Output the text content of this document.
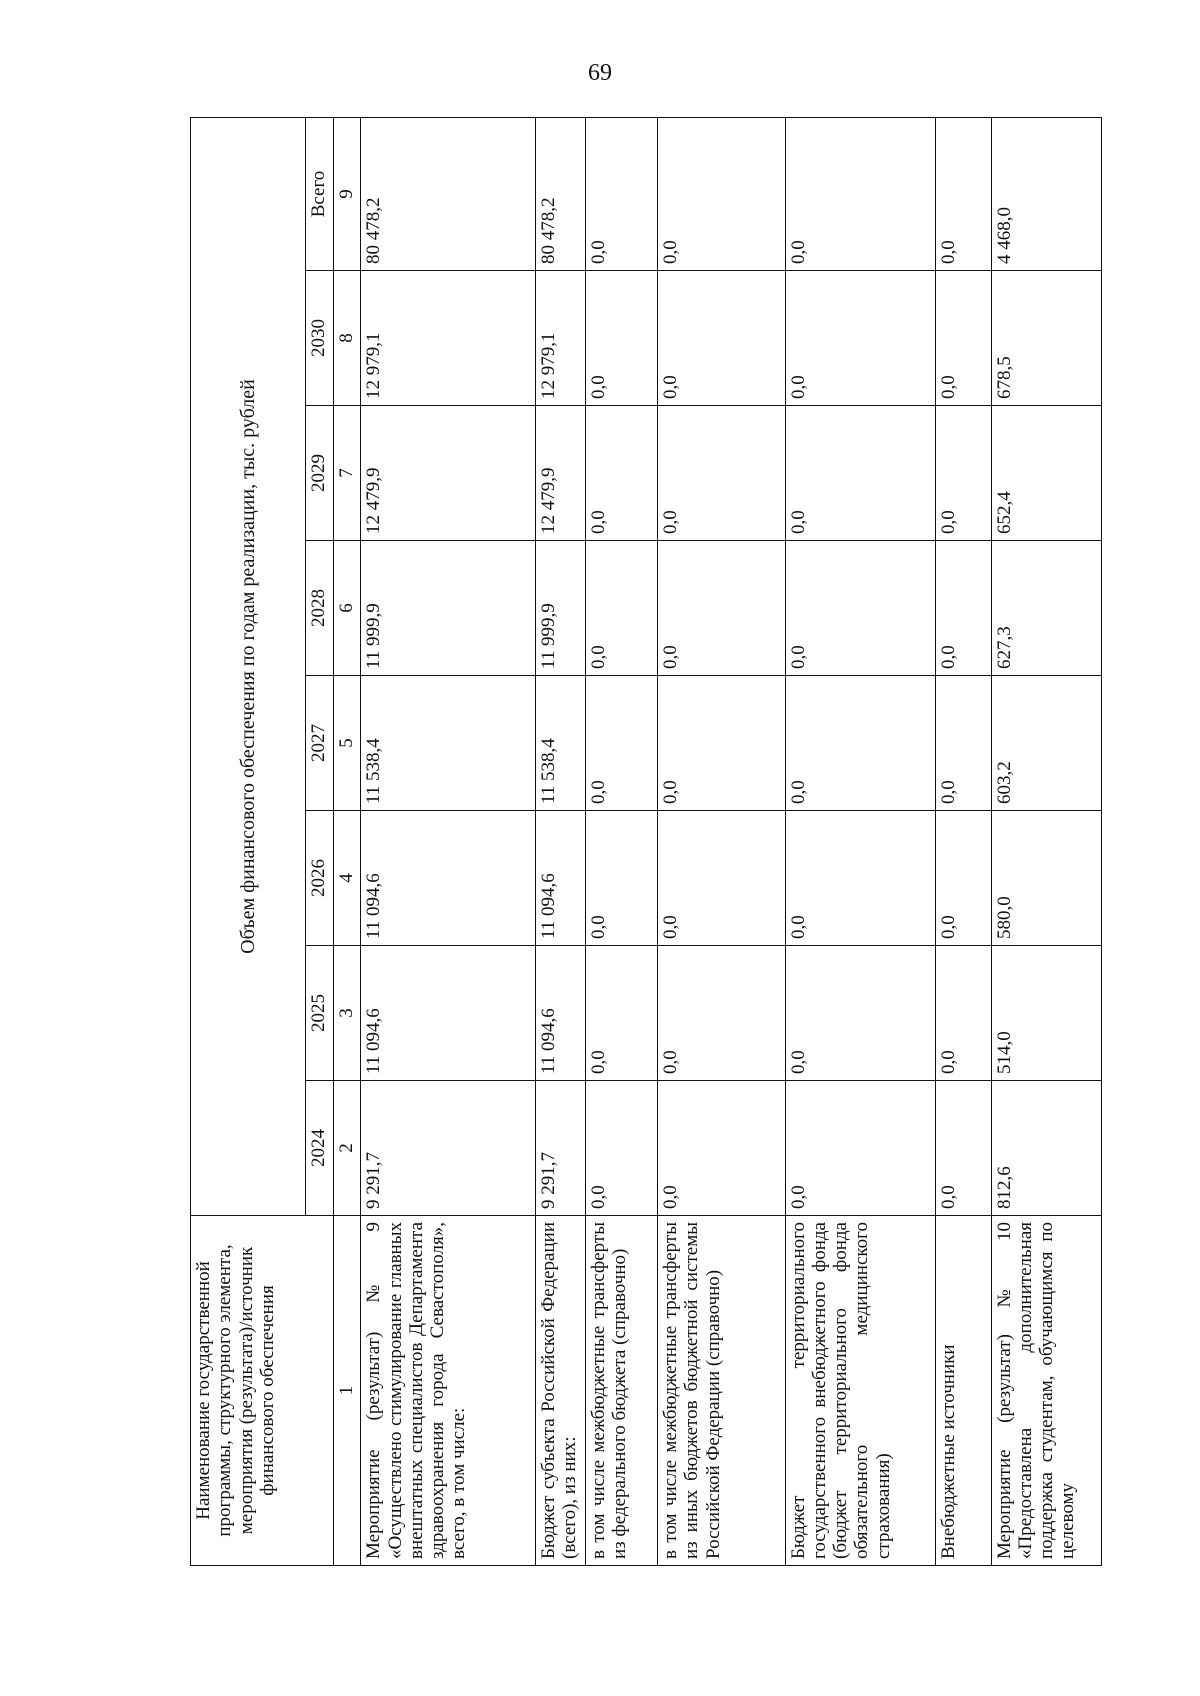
69
Наименование государственной программы, структурного элемента, мероприятия (результата)/источник финансового обеспечения	Объем финансового обеспечения по годам реализации, тыс. рублей							
	2024	2025	2026	2027	2028	2029	2030	Всего
1	2	3	4	5	6	7	8	9
Мероприятие (результат) № 9 «Осуществлено стимулирование главных внештатных специалистов Департамента здравоохранения города Севастополя», всего, в том числе:	9 291,7	11 094,6	11 094,6	11 538,4	11 999,9	12 479,9	12 979,1	80 478,2
Бюджет субъекта Российской Федерации (всего), из них:	9 291,7	11 094,6	11 094,6	11 538,4	11 999,9	12 479,9	12 979,1	80 478,2
в том числе межбюджетные трансферты из федерального бюджета (справочно)	0,0	0,0	0,0	0,0	0,0	0,0	0,0	0,0
в том числе межбюджетные трансферты из иных бюджетов бюджетной системы Российской Федерации (справочно)	0,0	0,0	0,0	0,0	0,0	0,0	0,0	0,0
Бюджет территориального государственного внебюджетного фонда (бюджет территориального фонда обязательного медицинского страхования)	0,0	0,0	0,0	0,0	0,0	0,0	0,0	0,0
Внебюджетные источники	0,0	0,0	0,0	0,0	0,0	0,0	0,0	0,0
Мероприятие (результат) № 10 «Предоставлена дополнительная поддержка студентам, обучающимся по целевому	812,6	514,0	580,0	603,2	627,3	652,4	678,5	4 468,0
